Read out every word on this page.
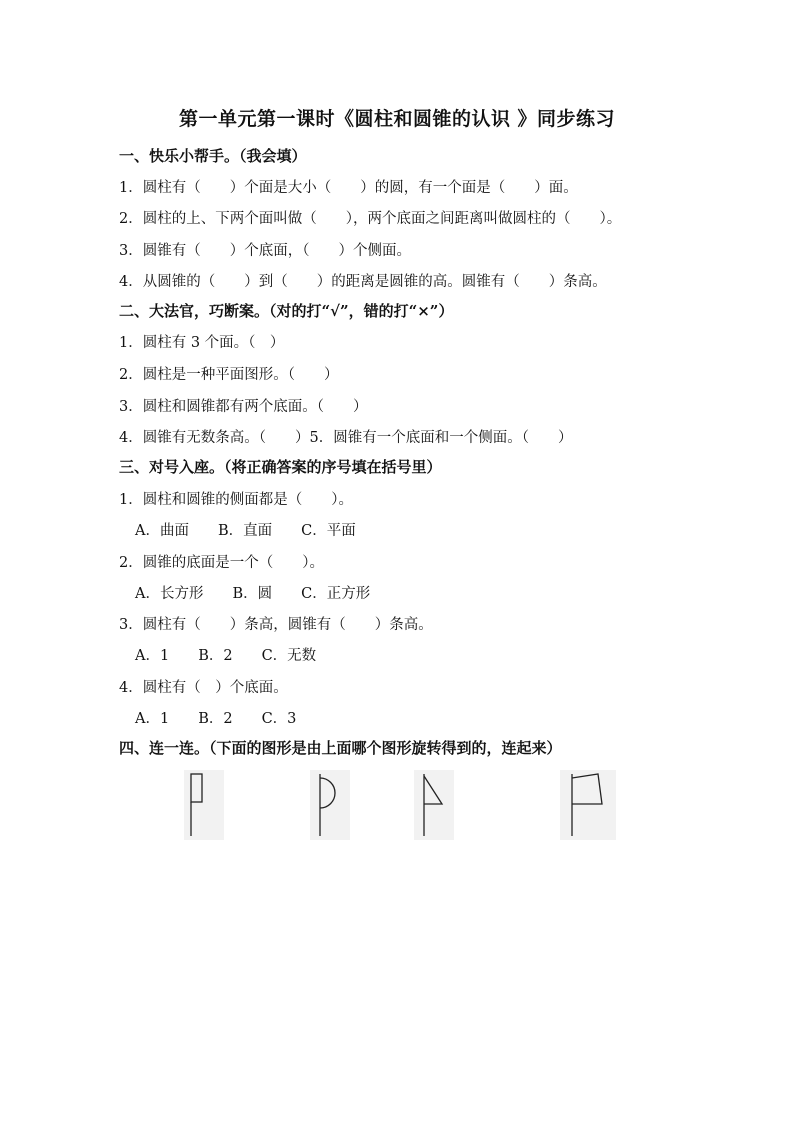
第一单元第一课时《圆柱和圆锥的认识 》同步练习
一、快乐小帮手。（我会填）
1．圆柱有（　　）个面是大小（　　）的圆，有一个面是（　　）面。
2．圆柱的上、下两个面叫做（　　），两个底面之间距离叫做圆柱的（　　）。
3．圆锥有（　　）个底面，（　　）个侧面。
4．从圆锥的（　　）到（　　）的距离是圆锥的高。圆锥有（　　）条高。
二、大法官，巧断案。（对的打“√”，错的打“×”）
1．圆柱有 3 个面。（　）
2．圆柱是一种平面图形。（　　）
3．圆柱和圆锥都有两个底面。（　　）
4．圆锥有无数条高。（　　）5．圆锥有一个底面和一个侧面。（　　）
三、对号入座。（将正确答案的序号填在括号里）
1．圆柱和圆锥的侧面都是（　　）。
A．曲面　　B．直面　　C．平面
2．圆锥的底面是一个（　　）。
A．长方形　　B．圆　　C．正方形
3．圆柱有（　　）条高，圆锥有（　　）条高。
A．1　　B．2　　C．无数
4．圆柱有（　）个底面。
A．1　　B．2　　C．3
四、连一连。（下面的图形是由上面哪个图形旋转得到的，连起来）
